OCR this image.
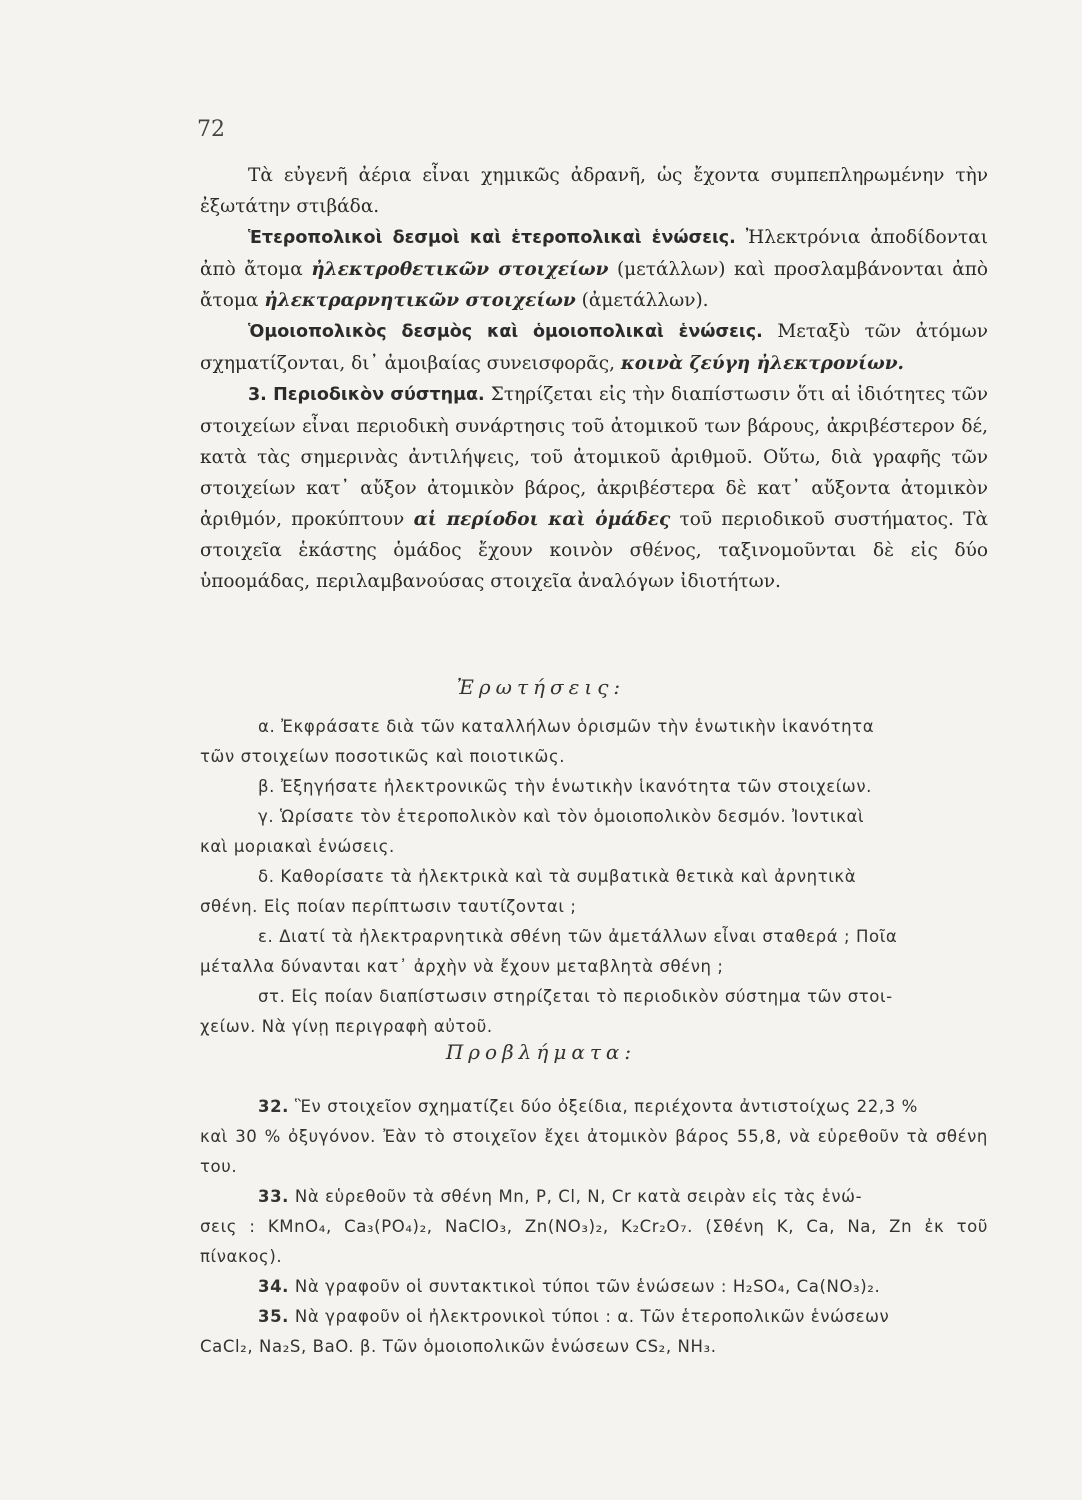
72

Τὰ εὐγενῆ ἀέρια εἶναι χημικῶς ἀδρανῆ, ὡς ἔχοντα συμπεπληρωμένην τὴν ἐξωτάτην στιβάδα.

Ἑτεροπολικοὶ δεσμοὶ καὶ ἑτεροπολικαὶ ἑνώσεις. Ἠλεκτρόνια ἀποδίδονται ἀπὸ ἄτομα ἠλεκτροθετικῶν στοιχείων (μετάλλων) καὶ προσλαμβάνονται ἀπὸ ἄτομα ἠλεκτραρνητικῶν στοιχείων (ἀμετάλλων).

Ὁμοιοπολικὸς δεσμὸς καὶ ὁμοιοπολικαὶ ἑνώσεις. Μεταξὺ τῶν ἀτόμων σχηματίζονται, δι᾿ ἀμοιβαίας συνεισφορᾶς, κοινὰ ζεύγη ἠλεκτρονίων.

3. Περιοδικὸν σύστημα. Στηρίζεται εἰς τὴν διαπίστωσιν ὅτι αἱ ἰδιότητες τῶν στοιχείων εἶναι περιοδικὴ συνάρτησις τοῦ ἀτομικοῦ των βάρους, ἀκριβέστερον δέ, κατὰ τὰς σημερινὰς ἀντιλήψεις, τοῦ ἀτομικοῦ ἀριθμοῦ. Οὕτω, διὰ γραφῆς τῶν στοιχείων κατ᾿ αὔξον ἀτομικὸν βάρος, ἀκριβέστερα δὲ κατ᾿ αὔξοντα ἀτομικὸν ἀριθμόν, προκύπτουν αἱ περίοδοι καὶ ὁμάδες τοῦ περιοδικοῦ συστήματος. Τὰ στοιχεῖα ἑκάστης ὁμάδος ἔχουν κοινὸν σθένος, ταξινομοῦνται δὲ εἰς δύο ὑποομάδας, περιλαμβανούσας στοιχεῖα ἀναλόγων ἰδιοτήτων.

Ἐρωτήσεις:

α. Ἐκφράσατε διὰ τῶν καταλλήλων ὁρισμῶν τὴν ἑνωτικὴν ἱκανότητα

τῶν στοιχείων ποσοτικῶς καὶ ποιοτικῶς.

β. Ἐξηγήσατε ἠλεκτρονικῶς τὴν ἑνωτικὴν ἱκανότητα τῶν στοιχείων.

γ. Ὡρίσατε τὸν ἑτεροπολικὸν καὶ τὸν ὁμοιοπολικὸν δεσμόν. Ἰοντικαὶ

καὶ μοριακαὶ ἑνώσεις.

δ. Καθορίσατε τὰ ἠλεκτρικὰ καὶ τὰ συμβατικὰ θετικὰ καὶ ἀρνητικὰ

σθένη. Εἰς ποίαν περίπτωσιν ταυτίζονται ;

ε. Διατί τὰ ἠλεκτραρνητικὰ σθένη τῶν ἀμετάλλων εἶναι σταθερά ; Ποῖα

μέταλλα δύνανται κατ᾿ ἀρχὴν νὰ ἔχουν μεταβλητὰ σθένη ;

στ. Εἰς ποίαν διαπίστωσιν στηρίζεται τὸ περιοδικὸν σύστημα τῶν στοι-

χείων. Νὰ γίνῃ περιγραφὴ αὐτοῦ.

Προβλήματα:

32. Ἓν στοιχεῖον σχηματίζει δύο ὀξείδια, περιέχοντα ἀντιστοίχως 22,3 %

καὶ 30 % ὀξυγόνον. Ἐὰν τὸ στοιχεῖον ἔχει ἀτομικὸν βάρος 55,8, νὰ εὑρεθοῦν τὰ σθένη του.

33. Νὰ εὑρεθοῦν τὰ σθένη Mn, P, Cl, N, Cr κατὰ σειρὰν εἰς τὰς ἑνώ-

σεις : KMnO₄, Ca₃(PO₄)₂, NaClO₃, Zn(NO₃)₂, K₂Cr₂O₇. (Σθένη K, Ca, Na, Zn ἐκ τοῦ πίνακος).

34. Νὰ γραφοῦν οἱ συντακτικοὶ τύποι τῶν ἑνώσεων : H₂SO₄, Ca(NO₃)₂.

35. Νὰ γραφοῦν οἱ ἠλεκτρονικοὶ τύποι : α. Τῶν ἑτεροπολικῶν ἑνώσεων

CaCl₂, Na₂S, BaO. β. Τῶν ὁμοιοπολικῶν ἑνώσεων CS₂, NH₃.
